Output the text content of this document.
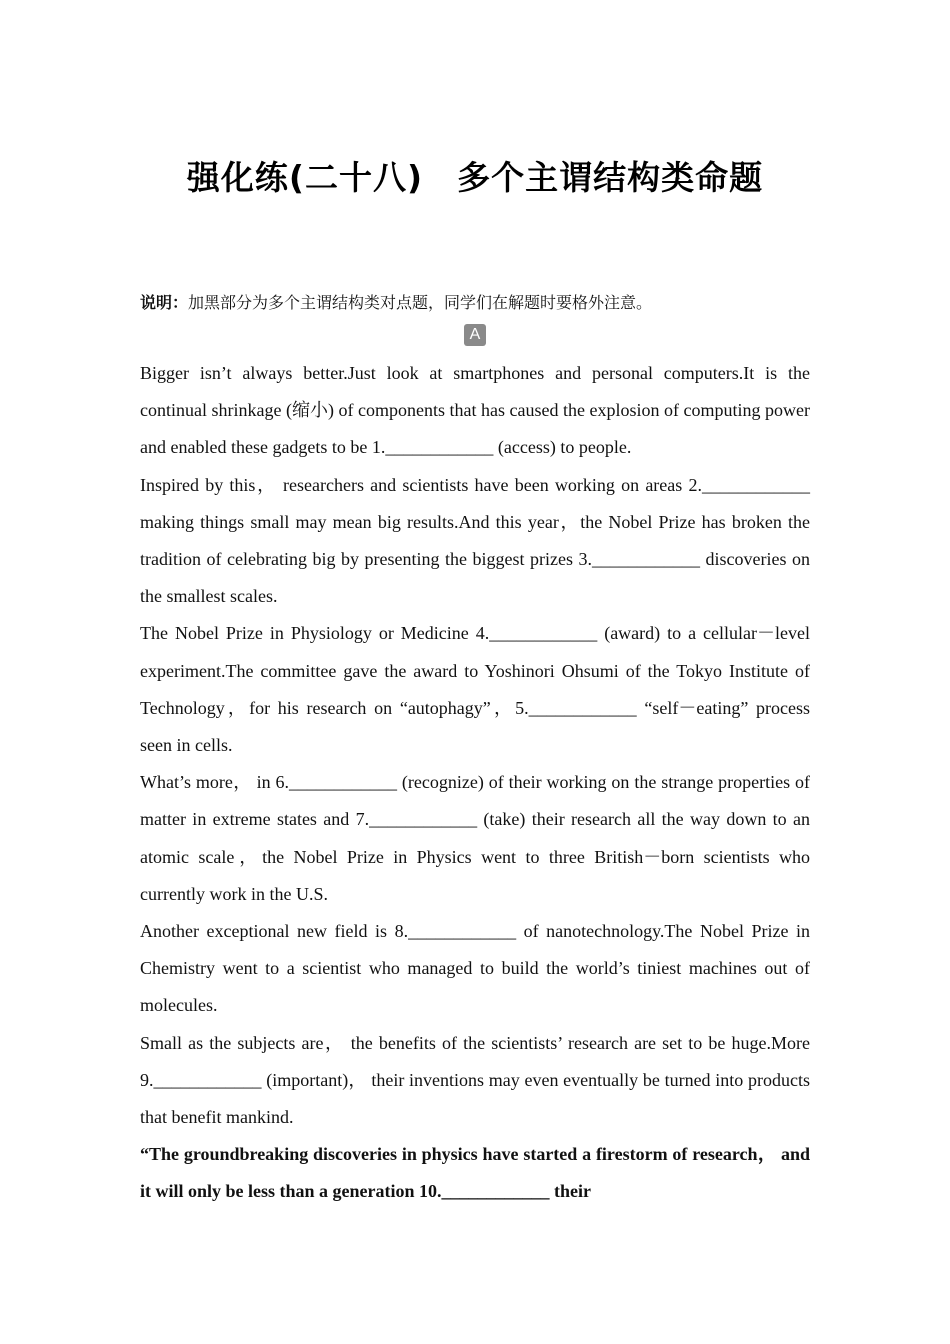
强化练(二十八) 多个主谓结构类命题
说明：加黑部分为多个主谓结构类对点题，同学们在解题时要格外注意。
A

Bigger isn’t always better.Just look at smartphones and personal computers.It is the continual shrinkage (缩小) of components that has caused the explosion of computing power and enabled these gadgets to be 1.____________ (access) to people.

Inspired by this， researchers and scientists have been working on areas 2.____________ making things small may mean big results.And this year，the Nobel Prize has broken the tradition of celebrating big by presenting the biggest prizes 3.____________ discoveries on the smallest scales.

The Nobel Prize in Physiology or Medicine 4.____________ (award) to a cellular－level experiment.The committee gave the award to Yoshinori Ohsumi of the Tokyo Institute of Technology，for his research on “autophagy”，5.____________ “self－eating” process seen in cells.

What’s more， in 6.____________ (recognize) of their working on the strange properties of matter in extreme states and 7.____________ (take) their research all the way down to an atomic scale，the Nobel Prize in Physics went to three British－born scientists who currently work in the U.S.

Another exceptional new field is 8.____________ of nanotechnology.The Nobel Prize in Chemistry went to a scientist who managed to build the world’s tiniest machines out of molecules.

Small as the subjects are， the benefits of the scientists’ research are set to be huge.More 9.____________ (important)， their inventions may even eventually be turned into products that benefit mankind.

“The groundbreaking discoveries in physics have started a firestorm of research， and it will only be less than a generation 10.____________ their
